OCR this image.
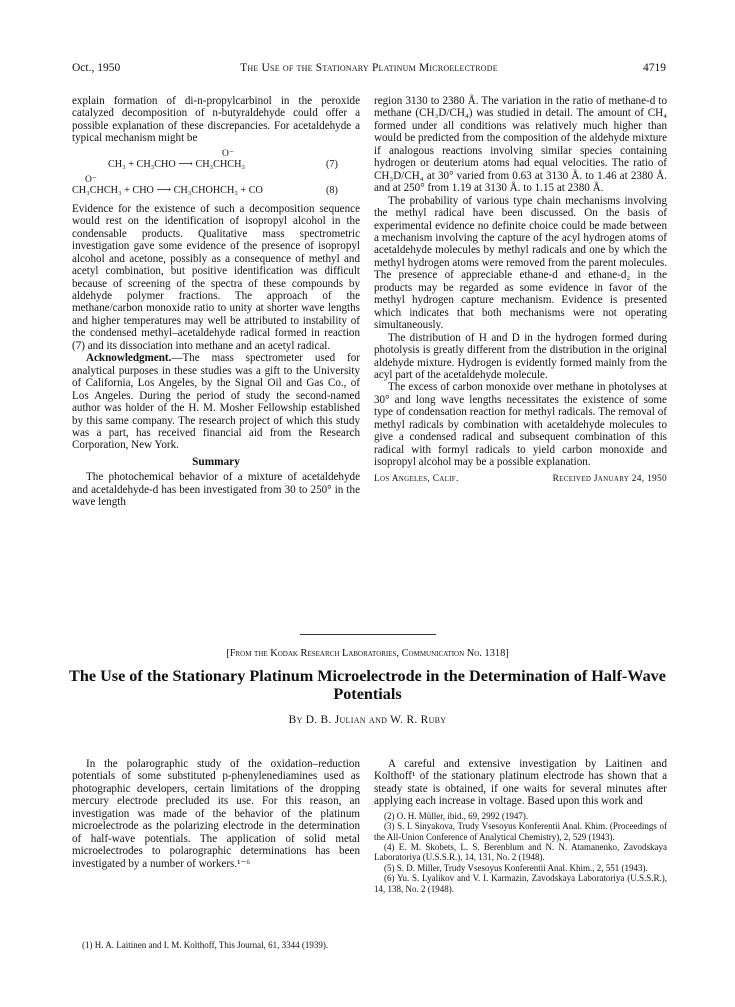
Oct., 1950	The Use of the Stationary Platinum Microelectrode	4719

explain formation of di-n-propylcarbinol in the peroxide catalyzed decomposition of n-butyraldehyde could offer a possible explanation of these discrepancies. For acetaldehyde a typical mechanism might be

O⁻
CH₃ + CH₃CHO ⟶ CH₃CHCH₃	(7)
O⁻
CH₃CHCH₃ + CHO ⟶ CH₃CHOHCH₃ + CO	(8)

Evidence for the existence of such a decomposition sequence would rest on the identification of isopropyl alcohol in the condensable products. Qualitative mass spectrometric investigation gave some evidence of the presence of isopropyl alcohol and acetone, possibly as a consequence of methyl and acetyl combination, but positive identification was difficult because of screening of the spectra of these compounds by aldehyde polymer fractions. The approach of the methane/carbon monoxide ratio to unity at shorter wave lengths and higher temperatures may well be attributed to instability of the condensed methyl–acetaldehyde radical formed in reaction (7) and its dissociation into methane and an acetyl radical.

Acknowledgment.—The mass spectrometer used for analytical purposes in these studies was a gift to the University of California, Los Angeles, by the Signal Oil and Gas Co., of Los Angeles. During the period of study the second-named author was holder of the H. M. Mosher Fellowship established by this same company. The research project of which this study was a part, has received financial aid from the Research Corporation, New York.

Summary

The photochemical behavior of a mixture of acetaldehyde and acetaldehyde-d has been investigated from 30 to 250° in the wave length

region 3130 to 2380 Å. The variation in the ratio of methane-d to methane (CH₃D/CH₄) was studied in detail. The amount of CH₄ formed under all conditions was relatively much higher than would be predicted from the composition of the aldehyde mixture if analogous reactions involving similar species containing hydrogen or deuterium atoms had equal velocities. The ratio of CH₃D/CH₄ at 30° varied from 0.63 at 3130 Å. to 1.46 at 2380 Å. and at 250° from 1.19 at 3130 Å. to 1.15 at 2380 Å.

The probability of various type chain mechanisms involving the methyl radical have been discussed. On the basis of experimental evidence no definite choice could be made between a mechanism involving the capture of the acyl hydrogen atoms of acetaldehyde molecules by methyl radicals and one by which the methyl hydrogen atoms were removed from the parent molecules. The presence of appreciable ethane-d and ethane-d₂ in the products may be regarded as some evidence in favor of the methyl hydrogen capture mechanism. Evidence is presented which indicates that both mechanisms were not operating simultaneously.

The distribution of H and D in the hydrogen formed during photolysis is greatly different from the distribution in the original aldehyde mixture. Hydrogen is evidently formed mainly from the acyl part of the acetaldehyde molecule.

The excess of carbon monoxide over methane in photolyses at 30° and long wave lengths necessitates the existence of some type of condensation reaction for methyl radicals. The removal of methyl radicals by combination with acetaldehyde molecules to give a condensed radical and subsequent combination of this radical with formyl radicals to yield carbon monoxide and isopropyl alcohol may be a possible explanation.

Los Angeles, Calif.	Received January 24, 1950
[From the Kodak Research Laboratories, Communication No. 1318]
The Use of the Stationary Platinum Microelectrode in the Determination of Half-Wave Potentials
By D. B. Julian and W. R. Ruby

In the polarographic study of the oxidation–reduction potentials of some substituted p-phenylenediamines used as photographic developers, certain limitations of the dropping mercury electrode precluded its use. For this reason, an investigation was made of the behavior of the platinum microelectrode as the polarizing electrode in the determination of half-wave potentials. The application of solid metal microelectrodes to polarographic determinations has been investigated by a number of workers.¹⁻⁶

(1) H. A. Laitinen and I. M. Kolthoff, This Journal, 61, 3344 (1939).

A careful and extensive investigation by Laitinen and Kolthoff¹ of the stationary platinum electrode has shown that a steady state is obtained, if one waits for several minutes after applying each increase in voltage. Based upon this work and

(2) O. H. Müller, ibid., 69, 2992 (1947).

(3) S. I. Sinyakova, Trudy Vsesoyus Konferentii Anal. Khim. (Proceedings of the All-Union Conference of Analytical Chemistry), 2, 529 (1943).

(4) E. M. Skobets, L. S. Berenblum and N. N. Atamanenko, Zavodskaya Laboratoriya (U.S.S.R.), 14, 131, No. 2 (1948).

(5) S. D. Miller, Trudy Vsesoyus Konferentii Anal. Khim., 2, 551 (1943).

(6) Yu. S. Lyalikov and V. I. Karmazin, Zavodskaya Laboratoriya (U.S.S.R.), 14, 138, No. 2 (1948).
